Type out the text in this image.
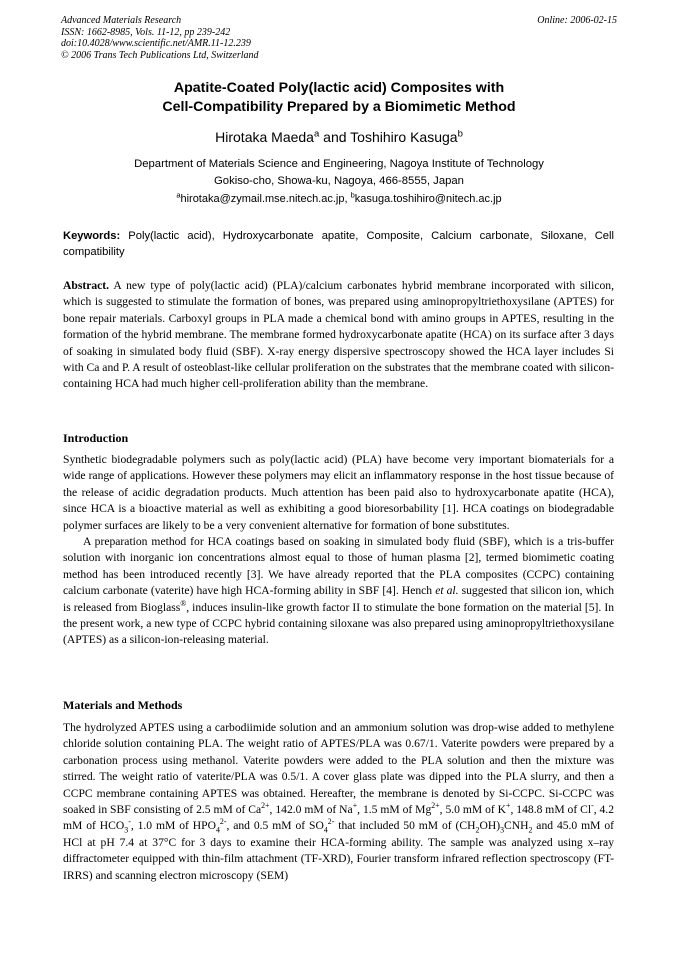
Advanced Materials Research
ISSN: 1662-8985, Vols. 11-12, pp 239-242
doi:10.4028/www.scientific.net/AMR.11-12.239
© 2006 Trans Tech Publications Ltd, Switzerland
Online: 2006-02-15
Apatite-Coated Poly(lactic acid) Composites with
Cell-Compatibility Prepared by a Biomimetic Method
Hirotaka Maeda$^a$ and Toshihiro Kasuga$^b$
Department of Materials Science and Engineering, Nagoya Institute of Technology
Gokiso-cho, Showa-ku, Nagoya, 466-8555, Japan
$^a$hirotaka@zymail.mse.nitech.ac.jp, $^b$kasuga.toshihiro@nitech.ac.jp
Keywords: Poly(lactic acid), Hydroxycarbonate apatite, Composite, Calcium carbonate, Siloxane, Cell compatibility
Abstract. A new type of poly(lactic acid) (PLA)/calcium carbonates hybrid membrane incorporated with silicon, which is suggested to stimulate the formation of bones, was prepared using aminopropyltriethoxysilane (APTES) for bone repair materials. Carboxyl groups in PLA made a chemical bond with amino groups in APTES, resulting in the formation of the hybrid membrane. The membrane formed hydroxycarbonate apatite (HCA) on its surface after 3 days of soaking in simulated body fluid (SBF). X-ray energy dispersive spectroscopy showed the HCA layer includes Si with Ca and P. A result of osteoblast-like cellular proliferation on the substrates that the membrane coated with silicon-containing HCA had much higher cell-proliferation ability than the membrane.
Introduction

Synthetic biodegradable polymers such as poly(lactic acid) (PLA) have become very important biomaterials for a wide range of applications. However these polymers may elicit an inflammatory response in the host tissue because of the release of acidic degradation products. Much attention has been paid also to hydroxycarbonate apatite (HCA), since HCA is a bioactive material as well as exhibiting a good bioresorbability [1]. HCA coatings on biodegradable polymer surfaces are likely to be a very convenient alternative for formation of bone substitutes.

A preparation method for HCA coatings based on soaking in simulated body fluid (SBF), which is a tris-buffer solution with inorganic ion concentrations almost equal to those of human plasma [2], termed biomimetic coating method has been introduced recently [3]. We have already reported that the PLA composites (CCPC) containing calcium carbonate (vaterite) have high HCA-forming ability in SBF [4]. Hench et al. suggested that silicon ion, which is released from Bioglass®, induces insulin-like growth factor II to stimulate the bone formation on the material [5]. In the present work, a new type of CCPC hybrid containing siloxane was also prepared using aminopropyltriethoxysilane (APTES) as a silicon-ion-releasing material.

Materials and Methods

The hydrolyzed APTES using a carbodiimide solution and an ammonium solution was drop-wise added to methylene chloride solution containing PLA. The weight ratio of APTES/PLA was 0.67/1. Vaterite powders were prepared by a carbonation process using methanol. Vaterite powders were added to the PLA solution and then the mixture was stirred. The weight ratio of vaterite/PLA was 0.5/1. A cover glass plate was dipped into the PLA slurry, and then a CCPC membrane containing APTES was obtained. Hereafter, the membrane is denoted by Si-CCPC. Si-CCPC was soaked in SBF consisting of 2.5 mM of $Ca^{2+}$, 142.0 mM of Na+, 1.5 mM of $Mg^{2+}$, 5.0 mM of K+, 148.8 mM of Cl-, 4.2 mM of $HCO_3^-$, 1.0 mM of $HPO_4^{2-}$, and 0.5 mM of $SO_4^{2-}$ that included 50 mM of $(CH_2OH)_3CNH_2$ and 45.0 mM of HCl at pH 7.4 at 37°C for 3 days to examine their HCA-forming ability. The sample was analyzed using x–ray diffractometer equipped with thin-film attachment (TF-XRD), Fourier transform infrared reflection spectroscopy (FT-IRRS) and scanning electron microscopy (SEM)
